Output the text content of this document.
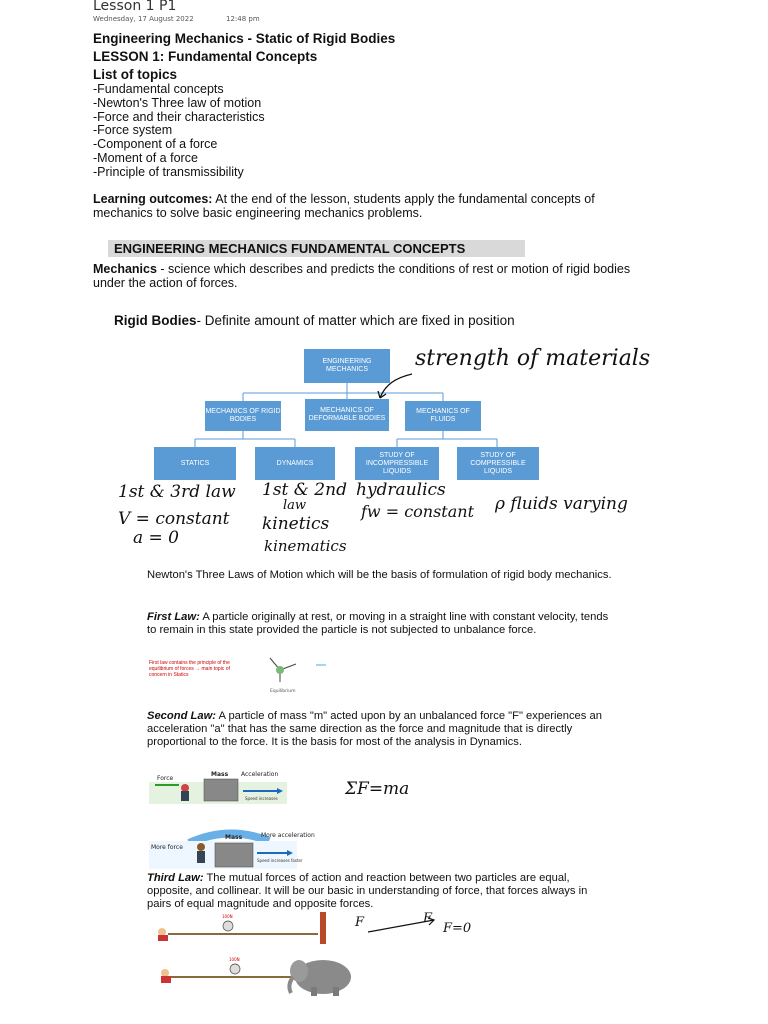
Lesson 1 P1
Wednesday, 17 August 2022	12:48 pm
Engineering Mechanics - Static of Rigid Bodies
LESSON 1: Fundamental Concepts
List of topics
-Fundamental concepts
-Newton's Three law of motion
-Force and their characteristics
-Force system
-Component of a force
-Moment of a force
-Principle of transmissibility
Learning outcomes: At the end of the lesson, students apply the fundamental concepts of mechanics to solve basic engineering mechanics problems.
ENGINEERING MECHANICS FUNDAMENTAL CONCEPTS
Mechanics - science which describes and predicts the conditions of rest or motion of rigid bodies under the action of forces.
Rigid Bodies- Definite amount of matter which are fixed in position
ENGINEERING MECHANICS
MECHANICS OF RIGID BODIES
MECHANICS OF DEFORMABLE BODIES
MECHANICS OF FLUIDS
STATICS	DYNAMICS
STUDY OF INCOMPRESSIBLE LIQUIDS
STUDY OF COMPRESSIBLE LIQUIDS
strength of materials
1st & 3rd law
V = constant
a = 0
1st & 2nd
law
kinetics
kinematics
hydraulics
fw = constant ρ fluids varying
ΣF=ma
Newton's Three Laws of Motion which will be the basis of formulation of rigid body mechanics.
First Law: A particle originally at rest, or moving in a straight line with constant velocity, tends to remain in this state provided the particle is not subjected to unbalance force.
First law contains the principle of the equilibrium of forces → main topic of concern in Statics
Equilibrium
Second Law: A particle of mass "m" acted upon by an unbalanced force "F" experiences an acceleration "a" that has the same direction as the force and magnitude that is directly proportional to the force. It is the basis for most of the analysis in Dynamics.
Force
Mass Acceleration
Speed increases
More force
Mass	More acceleration
Speed increases faster
Third Law: The mutual forces of action and reaction between two particles are equal, opposite, and collinear. It will be our basic in understanding of force, that forces always in pairs of equal magnitude and opposite forces.
100N	F	F
F=0
100N
